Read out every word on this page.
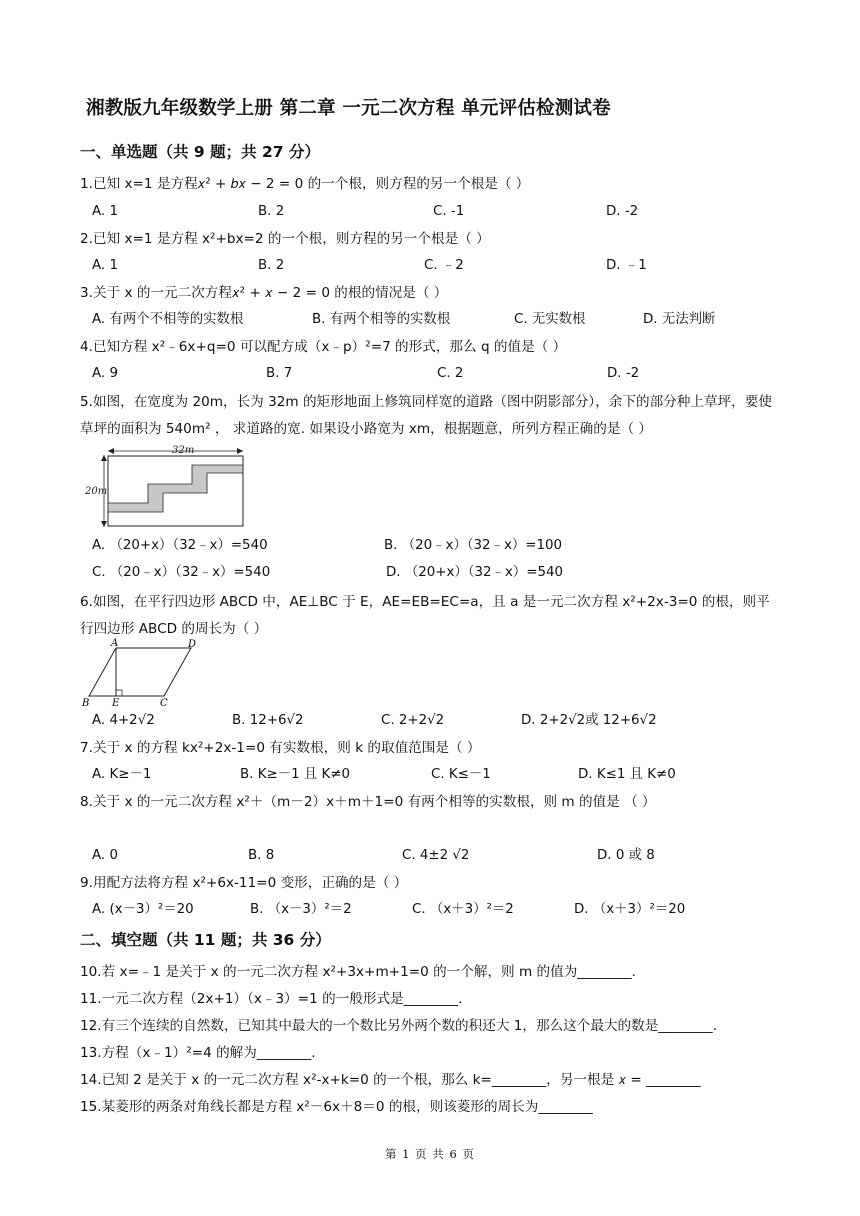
湘教版九年级数学上册 第二章 一元二次方程 单元评估检测试卷
一、单选题（共 9 题；共 27 分）
1.已知 x=1 是方程𝑥² + 𝑏𝑥 − 2 = 0 的一个根，则方程的另一个根是（ ）
A. 1	B. 2	C. -1	D. -2
2.已知 x=1 是方程 x²+bx=2 的一个根，则方程的另一个根是（ ）
A. 1	B. 2	C. ﹣2	D. ﹣1
3.关于 x 的一元二次方程𝑥² + 𝑥 − 2 = 0 的根的情况是（ ）
A. 有两个不相等的实数根	B. 有两个相等的实数根	C. 无实数根	D. 无法判断
4.已知方程 x²﹣6x+q=0 可以配方成（x﹣p）²=7 的形式，那么 q 的值是（ ）
A. 9	B. 7	C. 2	D. -2
5.如图，在宽度为 20m，长为 32m 的矩形地面上修筑同样宽的道路（图中阴影部分），余下的部分种上草坪，要使草坪的面积为 540m² ， 求道路的宽. 如果设小路宽为 xm，根据题意，所列方程正确的是（ ）
32m
20m
A. （20+x）（32﹣x）=540	B. （20﹣x）（32﹣x）=100
C. （20﹣x）（32﹣x）=540	D. （20+x）（32﹣x）=540
6.如图，在平行四边形 ABCD 中，AE⊥BC 于 E，AE=EB=EC=a，且 a 是一元二次方程 x²+2x-3=0 的根，则平行四边形 ABCD 的周长为（ ）
A	D
B E	C
A. 4+2√2	B. 12+6√2	C. 2+2√2	D. 2+2√2或 12+6√2
7.关于 x 的方程 kx²+2x-1=0 有实数根，则 k 的取值范围是（ ）
A. K≥－1	B. K≥－1 且 K≠0	C. K≤－1	D. K≤1 且 K≠0
8.关于 x 的一元二次方程 x²＋（m－2）x＋m＋1=0 有两个相等的实数根，则 m 的值是 （ ）
A. 0	B. 8	C. 4±2 √2	D. 0 或 8
9.用配方法将方程 x²+6x-11=0 变形，正确的是（ ）
A. (x－3）²＝20	B. （x－3）²＝2	C. （x＋3）²＝2	D. （x＋3）²＝20
二、填空题（共 11 题；共 36 分）
10.若 x=﹣1 是关于 x 的一元二次方程 x²+3x+m+1=0 的一个解，则 m 的值为________.
11.一元二次方程（2x+1）（x﹣3）=1 的一般形式是________.
12.有三个连续的自然数，已知其中最大的一个数比另外两个数的积还大 1，那么这个最大的数是________.
13.方程（x﹣1）²=4 的解为________.
14.已知 2 是关于 x 的一元二次方程 x²-x+k=0 的一个根，那么 k=________，另一根是 𝑥 = ________
15.某菱形的两条对角线长都是方程 x²－6x＋8＝0 的根，则该菱形的周长为________
第 1 页 共 6 页
